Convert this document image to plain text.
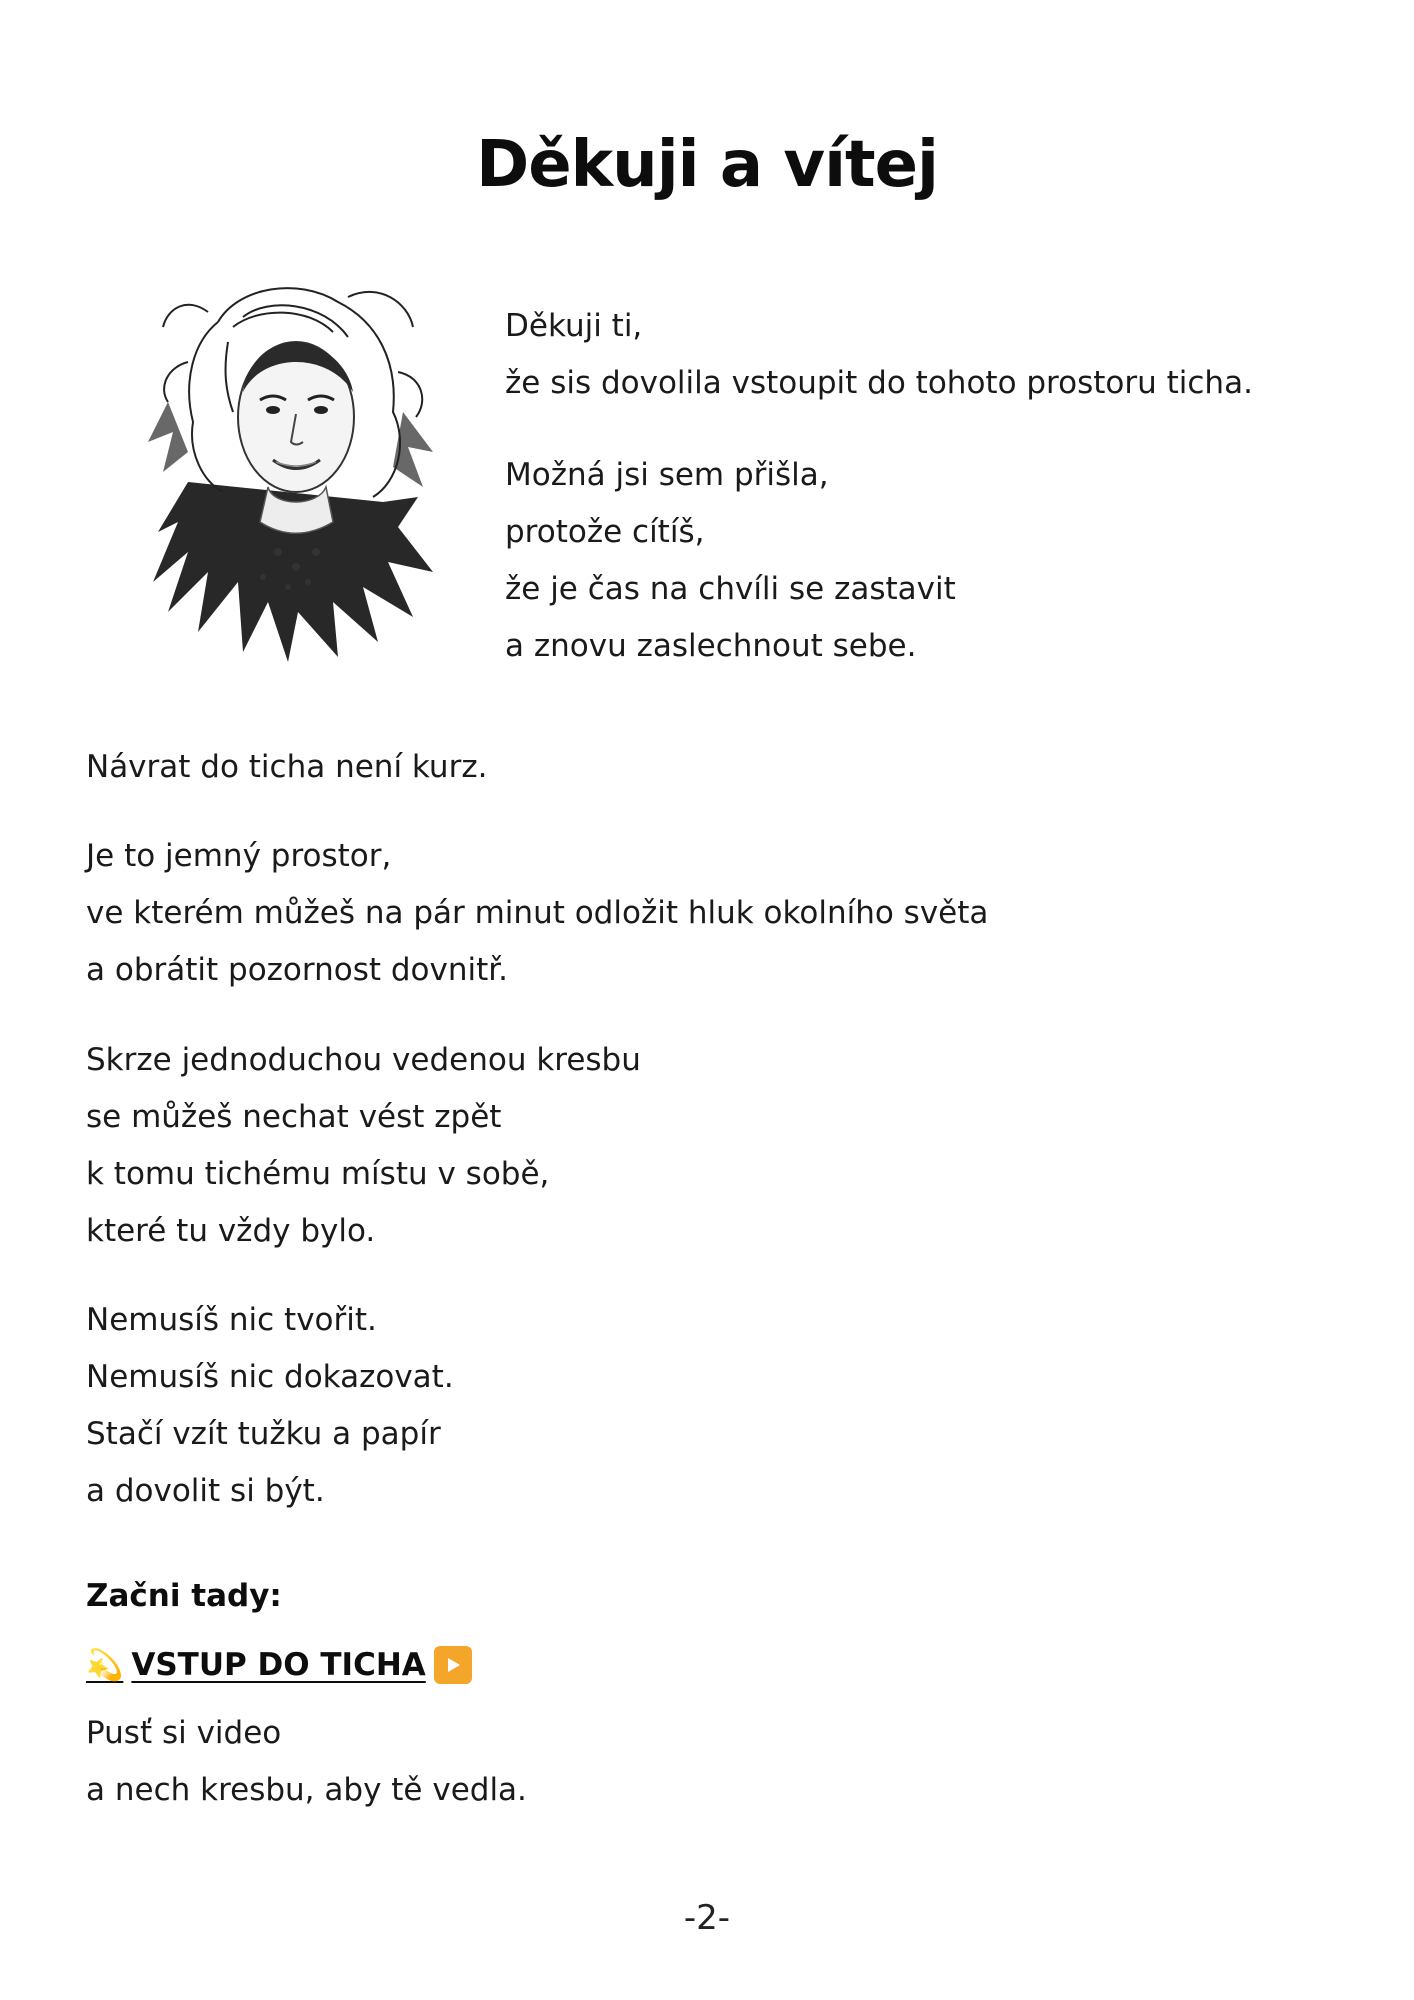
Děkuji a vítej
Děkuji ti,
že sis dovolila vstoupit do tohoto prostoru ticha.
Možná jsi sem přišla,
protože cítíš,
že je čas na chvíli se zastavit
a znovu zaslechnout sebe.
Návrat do ticha není kurz.
Je to jemný prostor,
ve kterém můžeš na pár minut odložit hluk okolního světa
a obrátit pozornost dovnitř.
Skrze jednoduchou vedenou kresbu
se můžeš nechat vést zpět
k tomu tichému místu v sobě,
které tu vždy bylo.
Nemusíš nic tvořit.
Nemusíš nic dokazovat.
Stačí vzít tužku a papír
a dovolit si být.
Začni tady:
💫 VSTUP DO TICHA
Pusť si video
a nech kresbu, aby tě vedla.
-2-
